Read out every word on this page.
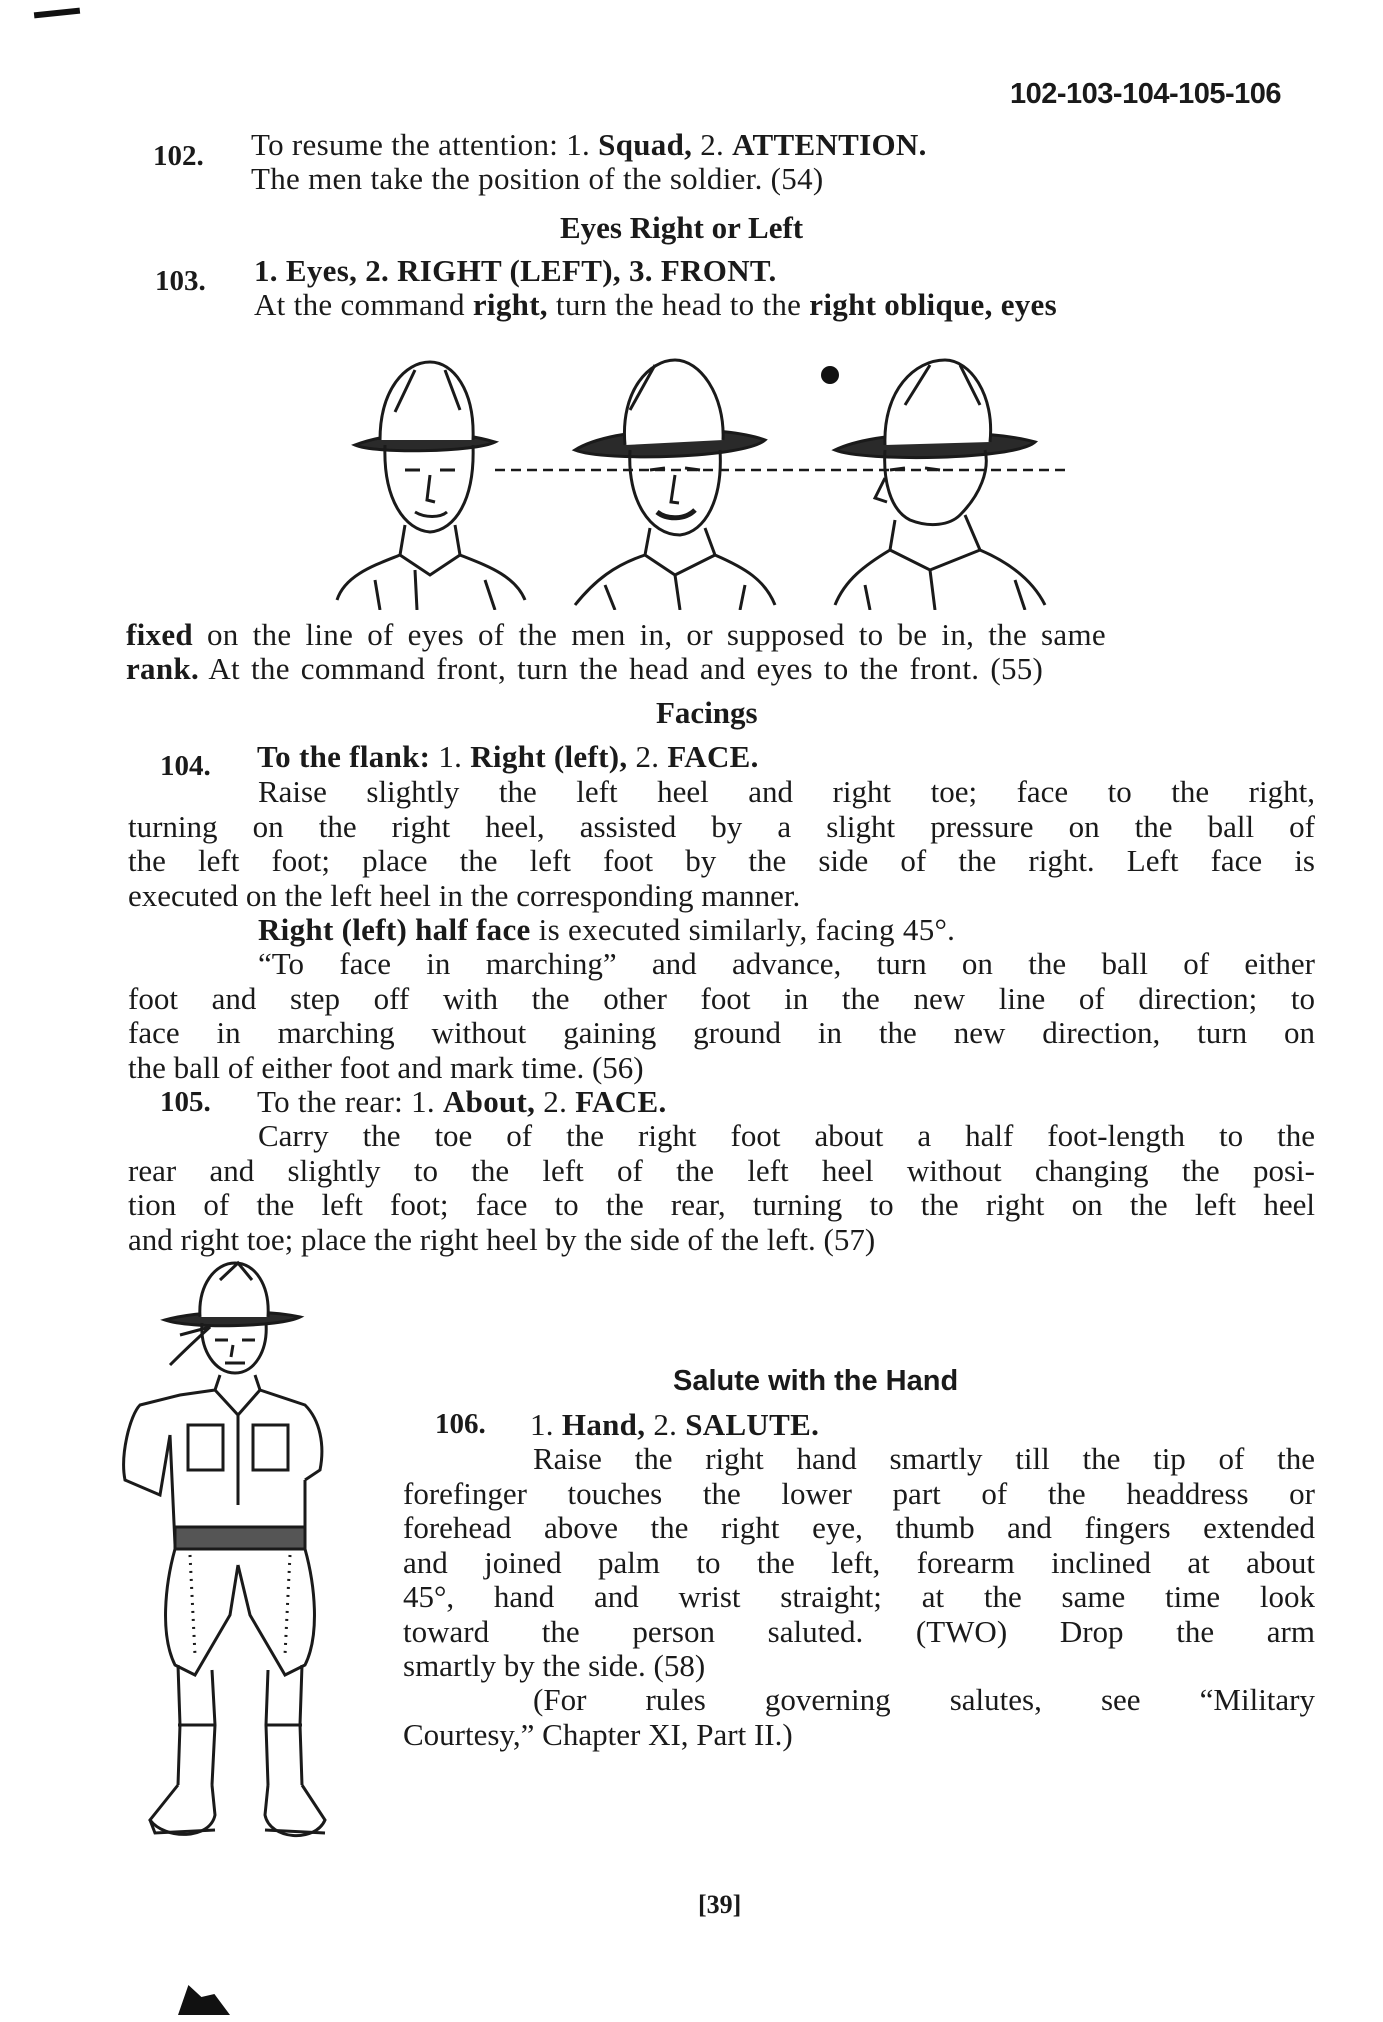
102-103-104-105-106
102. To resume the attention: 1. Squad, 2. ATTENTION.
The men take the position of the soldier. (54)
Eyes Right or Left
103. 1. Eyes, 2. RIGHT (LEFT), 3. FRONT.
At the command right, turn the head to the right oblique, eyes
fixed on the line of eyes of the men in, or supposed to be in, the same
rank. At the command front, turn the head and eyes to the front. (55)
Facings
104. To the flank: 1. Right (left), 2. FACE.

Raise slightly the left heel and right toe; face to the right,

turning on the right heel, assisted by a slight pressure on the ball of

the left foot; place the left foot by the side of the right. Left face is

executed on the left heel in the corresponding manner.

Right (left) half face is executed similarly, facing 45°.

“To face in marching” and advance, turn on the ball of either

foot and step off with the other foot in the new line of direction; to

face in marching without gaining ground in the new direction, turn on

the ball of either foot and mark time. (56)

105. To the rear: 1. About, 2. FACE.

Carry the toe of the right foot about a half foot-length to the

rear and slightly to the left of the left heel without changing the posi-

tion of the left foot; face to the rear, turning to the right on the left heel

and right toe; place the right heel by the side of the left. (57)

Salute with the Hand
106. 1. Hand, 2. SALUTE.

Raise the right hand smartly till the tip of the

forefinger touches the lower part of the headdress or

forehead above the right eye, thumb and fingers extended

and joined palm to the left, forearm inclined at about

45°, hand and wrist straight; at the same time look

toward the person saluted. (TWO) Drop the arm

smartly by the side. (58)

(For rules governing salutes, see “Military

Courtesy,” Chapter XI, Part II.)

[39]
